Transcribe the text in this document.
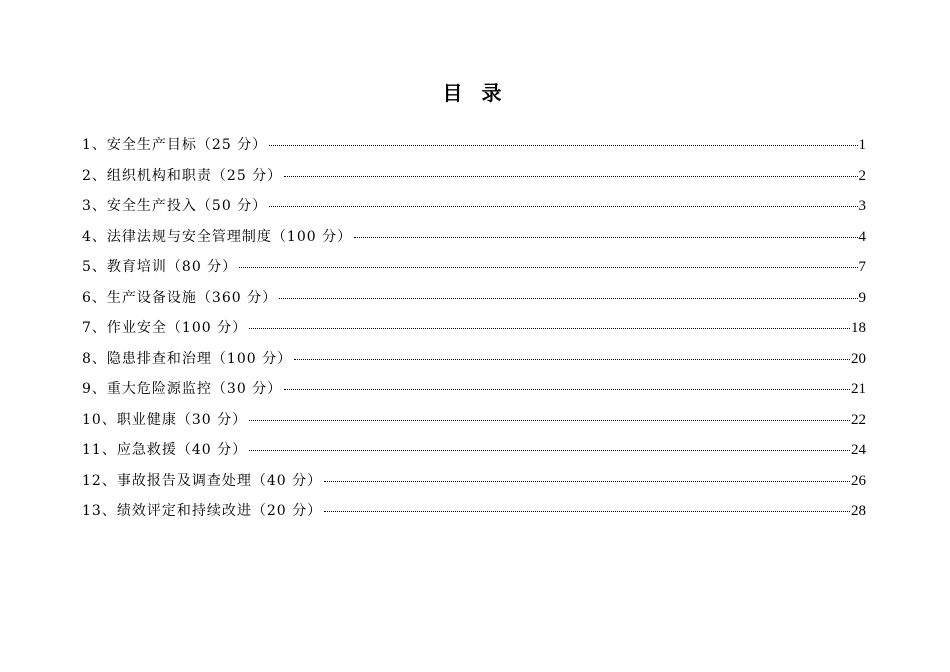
目 录
1、安全生产目标（25 分）	1
2、组织机构和职责（25 分）	2
3、安全生产投入（50 分）	3
4、法律法规与安全管理制度（100 分）	4
5、教育培训（80 分）	7
6、生产设备设施（360 分）	9
7、作业安全（100 分）	18
8、隐患排查和治理（100 分）	20
9、重大危险源监控（30 分）	21
10、职业健康（30 分）	22
11、应急救援（40 分）	24
12、事故报告及调查处理（40 分）	26
13、绩效评定和持续改进（20 分）	28
